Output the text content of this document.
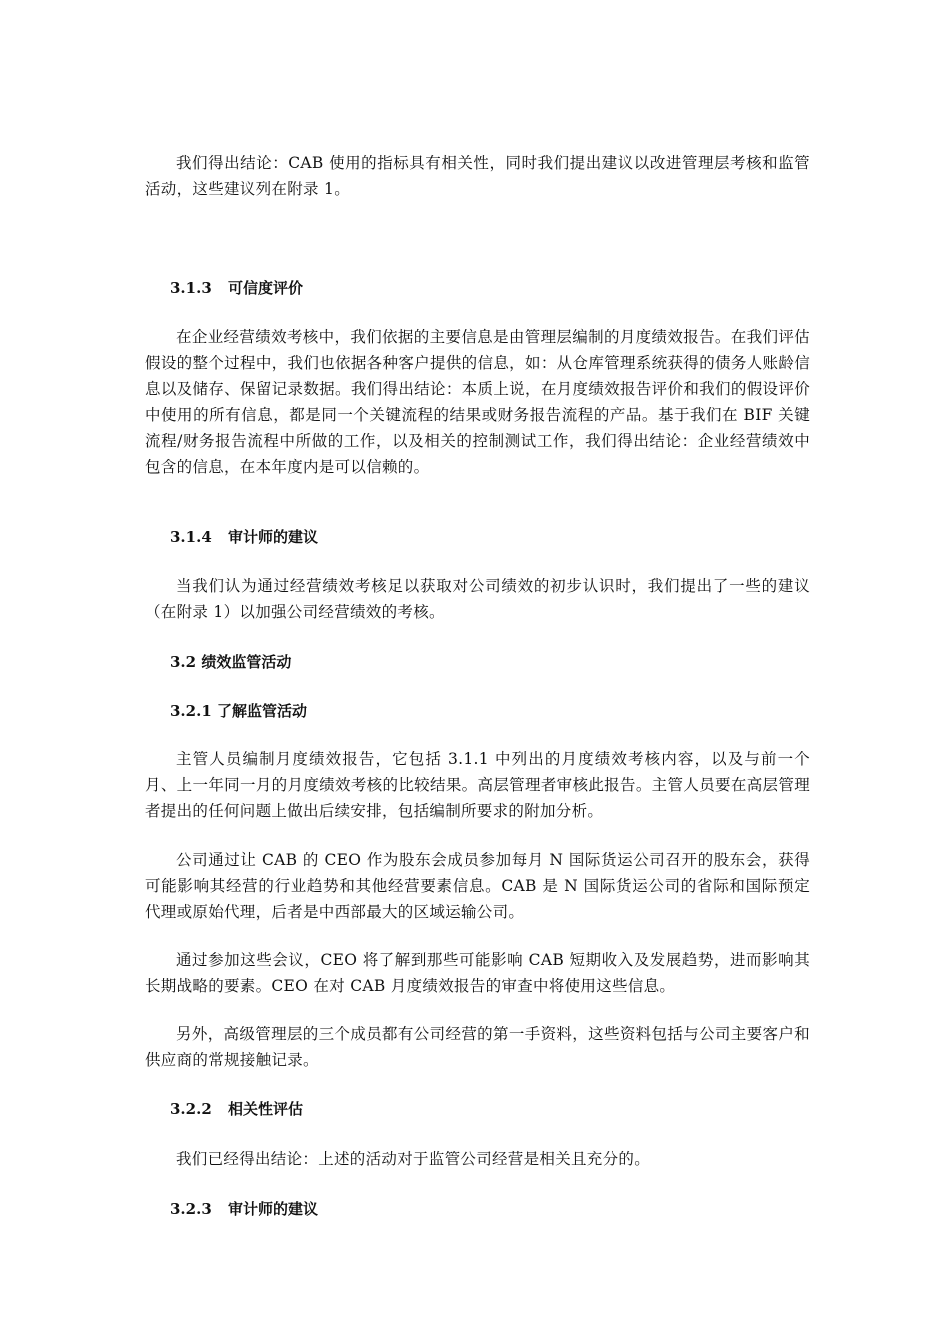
我们得出结论：CAB 使用的指标具有相关性，同时我们提出建议以改进管理层考核和监管活动，这些建议列在附录 1。

3.1.3 可信度评价

在企业经营绩效考核中，我们依据的主要信息是由管理层编制的月度绩效报告。在我们评估假设的整个过程中，我们也依据各种客户提供的信息，如：从仓库管理系统获得的债务人账龄信息以及储存、保留记录数据。我们得出结论：本质上说，在月度绩效报告评价和我们的假设评价中使用的所有信息，都是同一个关键流程的结果或财务报告流程的产品。基于我们在 BIF 关键流程/财务报告流程中所做的工作，以及相关的控制测试工作，我们得出结论：企业经营绩效中包含的信息，在本年度内是可以信赖的。

3.1.4 审计师的建议

当我们认为通过经营绩效考核足以获取对公司绩效的初步认识时，我们提出了一些的建议（在附录 1）以加强公司经营绩效的考核。

3.2 绩效监管活动
3.2.1 了解监管活动

主管人员编制月度绩效报告，它包括 3.1.1 中列出的月度绩效考核内容，以及与前一个月、上一年同一月的月度绩效考核的比较结果。高层管理者审核此报告。主管人员要在高层管理者提出的任何问题上做出后续安排，包括编制所要求的附加分析。

公司通过让 CAB 的 CEO 作为股东会成员参加每月 N 国际货运公司召开的股东会，获得可能影响其经营的行业趋势和其他经营要素信息。CAB 是 N 国际货运公司的省际和国际预定代理或原始代理，后者是中西部最大的区域运输公司。

通过参加这些会议，CEO 将了解到那些可能影响 CAB 短期收入及发展趋势，进而影响其长期战略的要素。CEO 在对 CAB 月度绩效报告的审查中将使用这些信息。

另外，高级管理层的三个成员都有公司经营的第一手资料，这些资料包括与公司主要客户和供应商的常规接触记录。

3.2.2 相关性评估

我们已经得出结论：上述的活动对于监管公司经营是相关且充分的。

3.2.3 审计师的建议
